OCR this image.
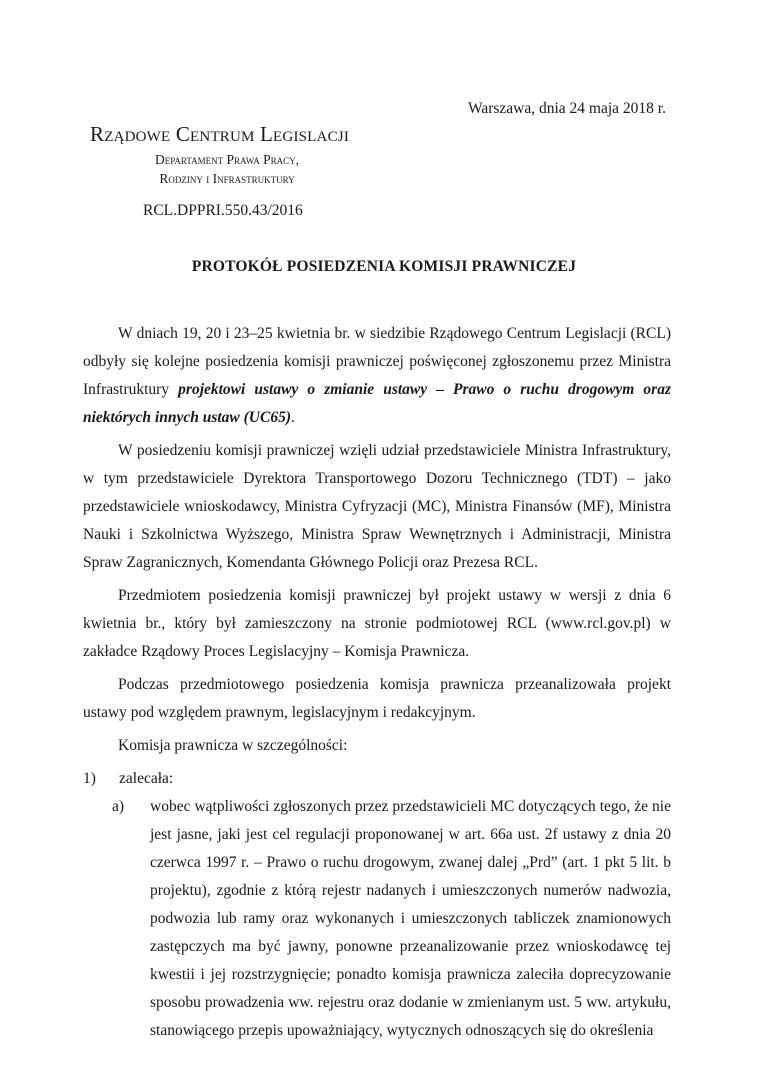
Warszawa, dnia 24 maja 2018 r.
Rządowe Centrum Legislacji
Departament Prawa Pracy,
Rodziny i Infrastruktury
RCL.DPPRI.550.43/2016
PROTOKÓŁ POSIEDZENIA KOMISJI PRAWNICZEJ

W dniach 19, 20 i 23–25 kwietnia br. w siedzibie Rządowego Centrum Legislacji (RCL) odbyły się kolejne posiedzenia komisji prawniczej poświęconej zgłoszonemu przez Ministra Infrastruktury projektowi ustawy o zmianie ustawy – Prawo o ruchu drogowym oraz niektórych innych ustaw (UC65).

W posiedzeniu komisji prawniczej wzięli udział przedstawiciele Ministra Infrastruktury, w tym przedstawiciele Dyrektora Transportowego Dozoru Technicznego (TDT) – jako przedstawiciele wnioskodawcy, Ministra Cyfryzacji (MC), Ministra Finansów (MF), Ministra Nauki i Szkolnictwa Wyższego, Ministra Spraw Wewnętrznych i Administracji, Ministra Spraw Zagranicznych, Komendanta Głównego Policji oraz Prezesa RCL.

Przedmiotem posiedzenia komisji prawniczej był projekt ustawy w wersji z dnia 6 kwietnia br., który był zamieszczony na stronie podmiotowej RCL (www.rcl.gov.pl) w zakładce Rządowy Proces Legislacyjny – Komisja Prawnicza.

Podczas przedmiotowego posiedzenia komisja prawnicza przeanalizowała projekt ustawy pod względem prawnym, legislacyjnym i redakcyjnym.

Komisja prawnicza w szczególności:

1) zalecała:
a) wobec wątpliwości zgłoszonych przez przedstawicieli MC dotyczących tego, że nie jest jasne, jaki jest cel regulacji proponowanej w art. 66a ust. 2f ustawy z dnia 20 czerwca 1997 r. – Prawo o ruchu drogowym, zwanej dalej „Prd” (art. 1 pkt 5 lit. b projektu), zgodnie z którą rejestr nadanych i umieszczonych numerów nadwozia, podwozia lub ramy oraz wykonanych i umieszczonych tabliczek znamionowych zastępczych ma być jawny, ponowne przeanalizowanie przez wnioskodawcę tej kwestii i jej rozstrzygnięcie; ponadto komisja prawnicza zaleciła doprecyzowanie sposobu prowadzenia ww. rejestru oraz dodanie w zmienianym ust. 5 ww. artykułu, stanowiącego przepis upoważniający, wytycznych odnoszących się do określenia
